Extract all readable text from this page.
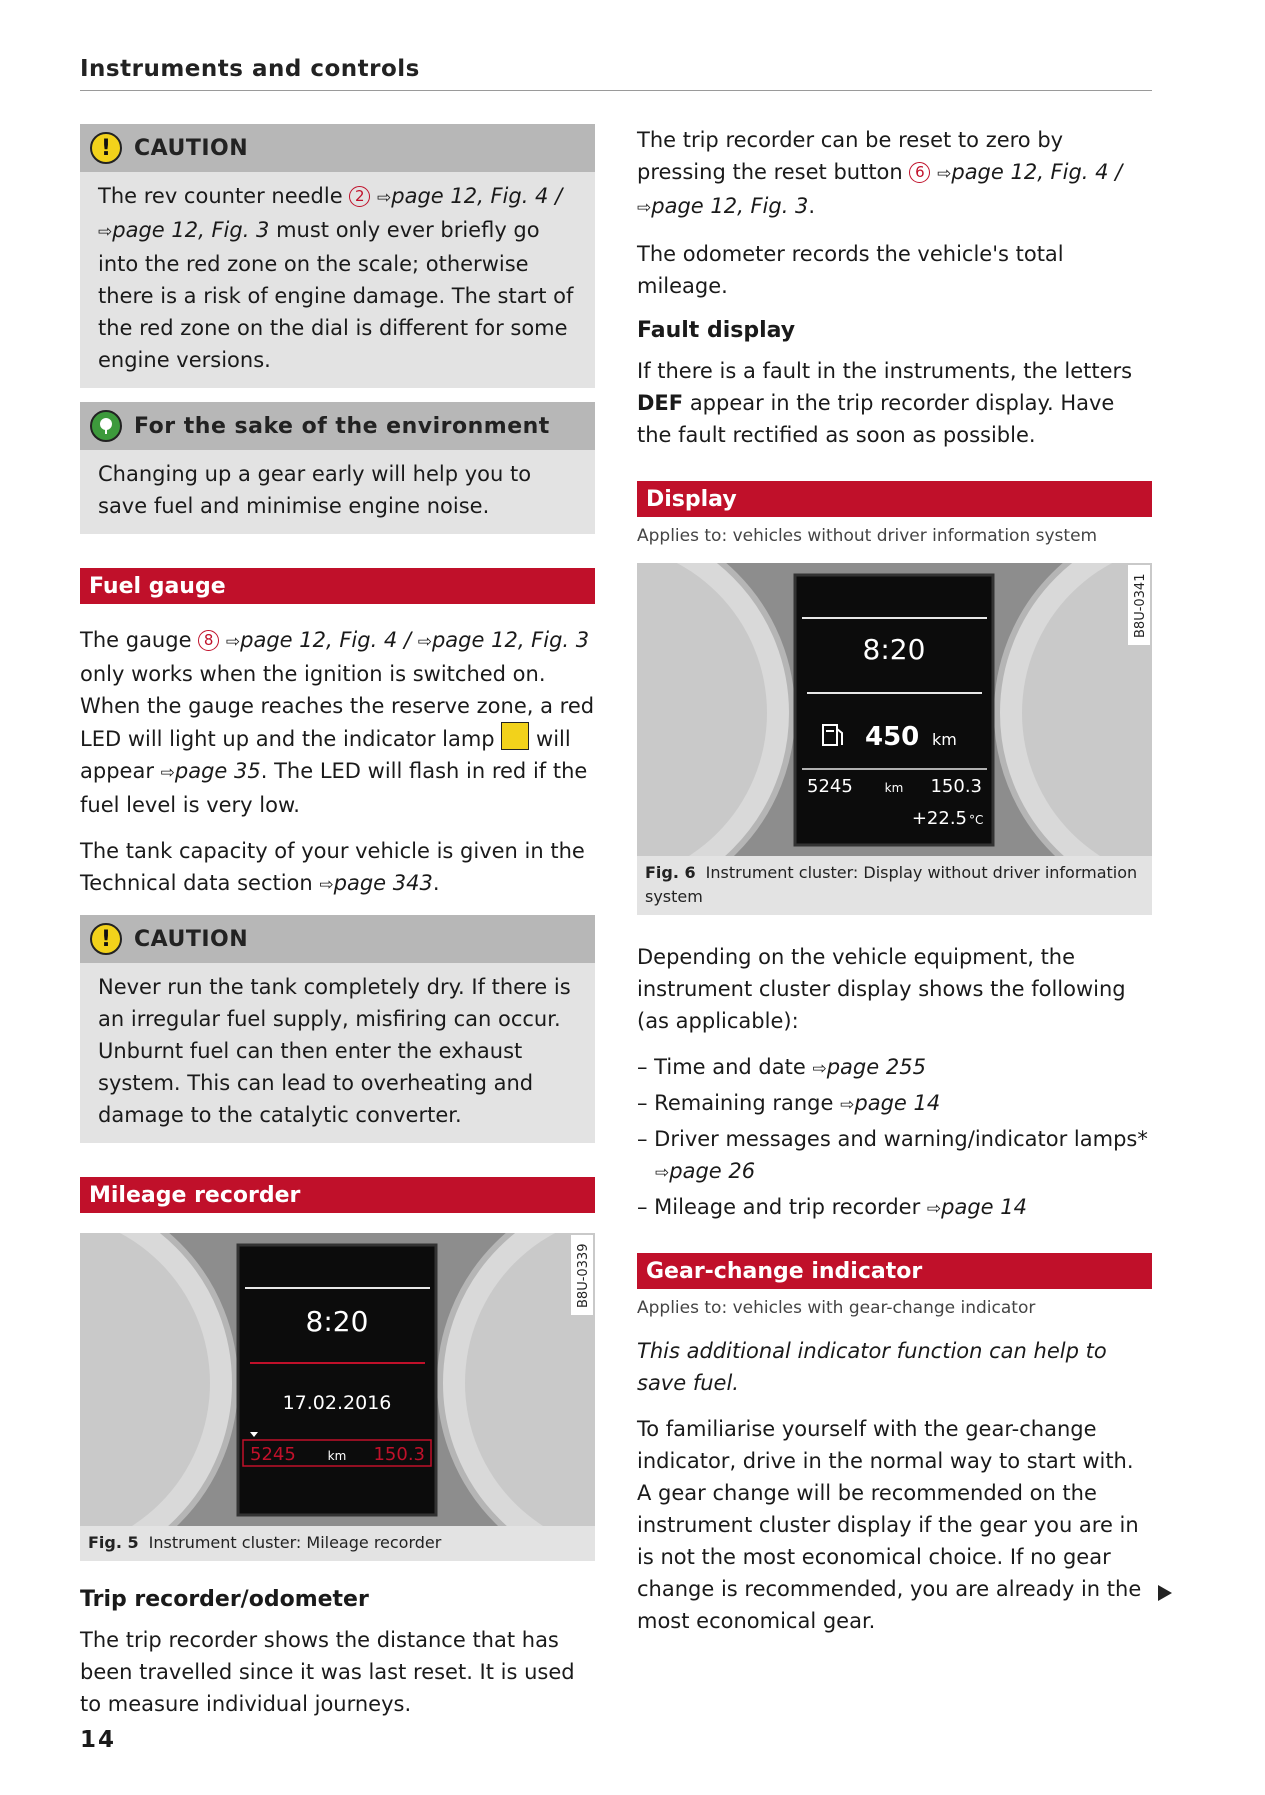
Instruments and controls
!	CAUTION

The rev counter needle 2 ⇨page 12, Fig. 4 / ⇨page 12, Fig. 3 must only ever briefly go into the red zone on the scale; otherwise there is a risk of engine damage. The start of the red zone on the dial is different for some engine versions.

For the sake of the environment

Changing up a gear early will help you to save fuel and minimise engine noise.

Fuel gauge

The gauge 8 ⇨page 12, Fig. 4 / ⇨page 12, Fig. 3 only works when the ignition is switched on. When the gauge reaches the reserve zone, a red LED will light up and the indicator lamp will appear ⇨page 35. The LED will flash in red if the fuel level is very low.

The tank capacity of your vehicle is given in the Technical data section ⇨page 343.

!	CAUTION

Never run the tank completely dry. If there is an irregular fuel supply, misfiring can occur. Unburnt fuel can then enter the exhaust system. This can lead to overheating and damage to the catalytic converter.

Mileage recorder
8:20
17.02.2016
5245	km 150.3
B8U-0339
Fig. 5 Instrument cluster: Mileage recorder
Trip recorder/odometer

The trip recorder shows the distance that has been travelled since it was last reset. It is used to measure individual journeys.

The trip recorder can be reset to zero by pressing the reset button 6 ⇨page 12, Fig. 4 / ⇨page 12, Fig. 3.

The odometer records the vehicle's total mileage.

Fault display

If there is a fault in the instruments, the letters DEF appear in the trip recorder display. Have the fault rectified as soon as possible.

Display
Applies to: vehicles without driver information system
8:20
450 km
5245	km 150.3
+22.5 °C
B8U-0341
Fig. 6 Instrument cluster: Display without driver information system

Depending on the vehicle equipment, the instrument cluster display shows the following (as applicable):

– Time and date ⇨page 255
– Remaining range ⇨page 14
– Driver messages and warning/indicator lamps* ⇨page 26
– Mileage and trip recorder ⇨page 14
Gear-change indicator
Applies to: vehicles with gear-change indicator

This additional indicator function can help to save fuel.

To familiarise yourself with the gear-change indicator, drive in the normal way to start with. A gear change will be recommended on the instrument cluster display if the gear you are in is not the most economical choice. If no gear change is recommended, you are already in the most economical gear.

14
